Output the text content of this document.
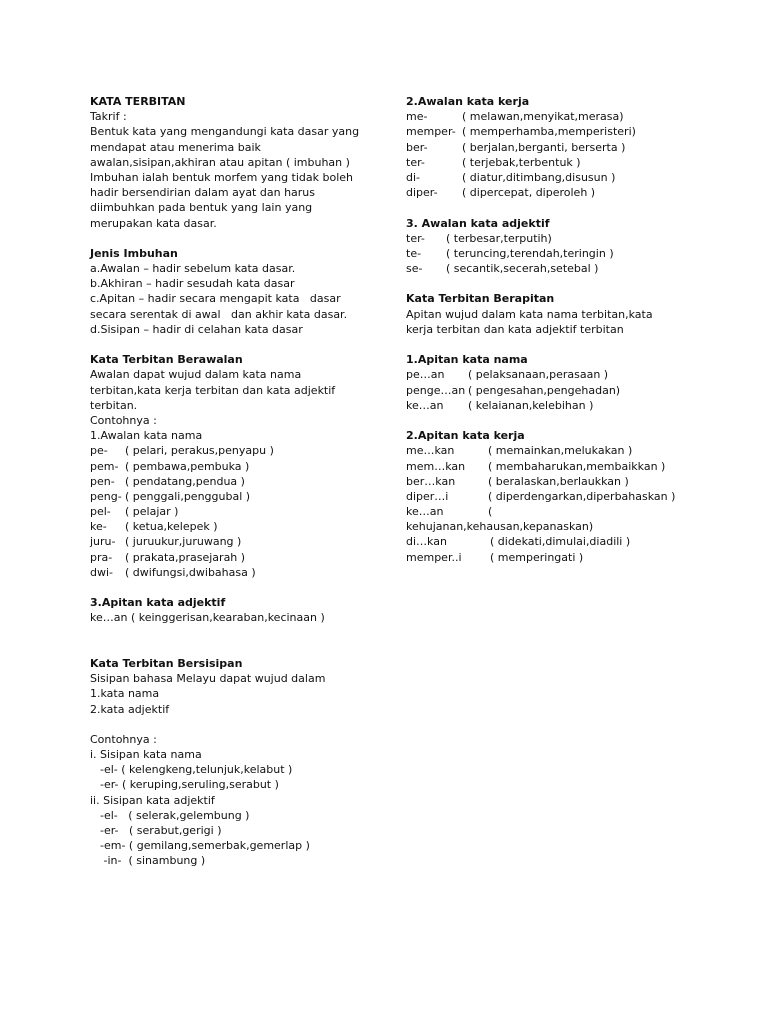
KATA TERBITAN
Takrif :
Bentuk kata yang mengandungi kata dasar yang
mendapat atau menerima baik
awalan,sisipan,akhiran atau apitan ( imbuhan )
Imbuhan ialah bentuk morfem yang tidak boleh
hadir bersendirian dalam ayat dan harus
diimbuhkan pada bentuk yang lain yang
merupakan kata dasar.
Jenis Imbuhan
a.Awalan – hadir sebelum kata dasar.
b.Akhiran – hadir sesudah kata dasar
c.Apitan – hadir secara mengapit kata   dasar
secara serentak di awal   dan akhir kata dasar.
d.Sisipan – hadir di celahan kata dasar
Kata Terbitan Berawalan
Awalan dapat wujud dalam kata nama
terbitan,kata kerja terbitan dan kata adjektif
terbitan.
Contohnya :
1.Awalan kata nama
pe-	( pelari, perakus,penyapu )
pem- ( pembawa,pembuka )
pen- ( pendatang,pendua )
peng- ( penggali,penggubal )
pel-	( pelajar )
ke-	( ketua,kelepek )
juru- ( juruukur,juruwang )
pra-	( prakata,prasejarah )
dwi-	( dwifungsi,dwibahasa )
3.Apitan kata adjektif
ke…an ( keinggerisan,kearaban,kecinaan )
Kata Terbitan Bersisipan
Sisipan bahasa Melayu dapat wujud dalam
1.kata nama
2.kata adjektif
Contohnya :
i. Sisipan kata nama
-el- ( kelengkeng,telunjuk,kelabut )
-er- ( keruping,seruling,serabut )
ii. Sisipan kata adjektif
-el-   ( selerak,gelembung )
-er-   ( serabut,gerigi )
-em- ( gemilang,semerbak,gemerlap )
-in-  ( sinambung )
2.Awalan kata kerja
me-	( melawan,menyikat,merasa)
memper- ( memperhamba,memperisteri)
ber-	( berjalan,berganti, berserta )
ter-	( terjebak,terbentuk )
di-	( diatur,ditimbang,disusun )
diper-	( dipercepat, diperoleh )
3. Awalan kata adjektif
ter-	( terbesar,terputih)
te-	( teruncing,terendah,teringin )
se-	( secantik,secerah,setebal )
Kata Terbitan Berapitan
Apitan wujud dalam kata nama terbitan,kata
kerja terbitan dan kata adjektif terbitan
1.Apitan kata nama
pe…an	( pelaksanaan,perasaan )
penge…an ( pengesahan,pengehadan)
ke…an	( kelaianan,kelebihan )
2.Apitan kata kerja
me…kan	( memainkan,melukakan )
mem…kan	( membaharukan,membaikkan )
ber…kan	( beralaskan,berlaukkan )
diper…i	( diperdengarkan,diperbahaskan )
ke…an	(
kehujanan,kehausan,kepanaskan)
di…kan	( didekati,dimulai,diadili )
memper..i	( memperingati )
